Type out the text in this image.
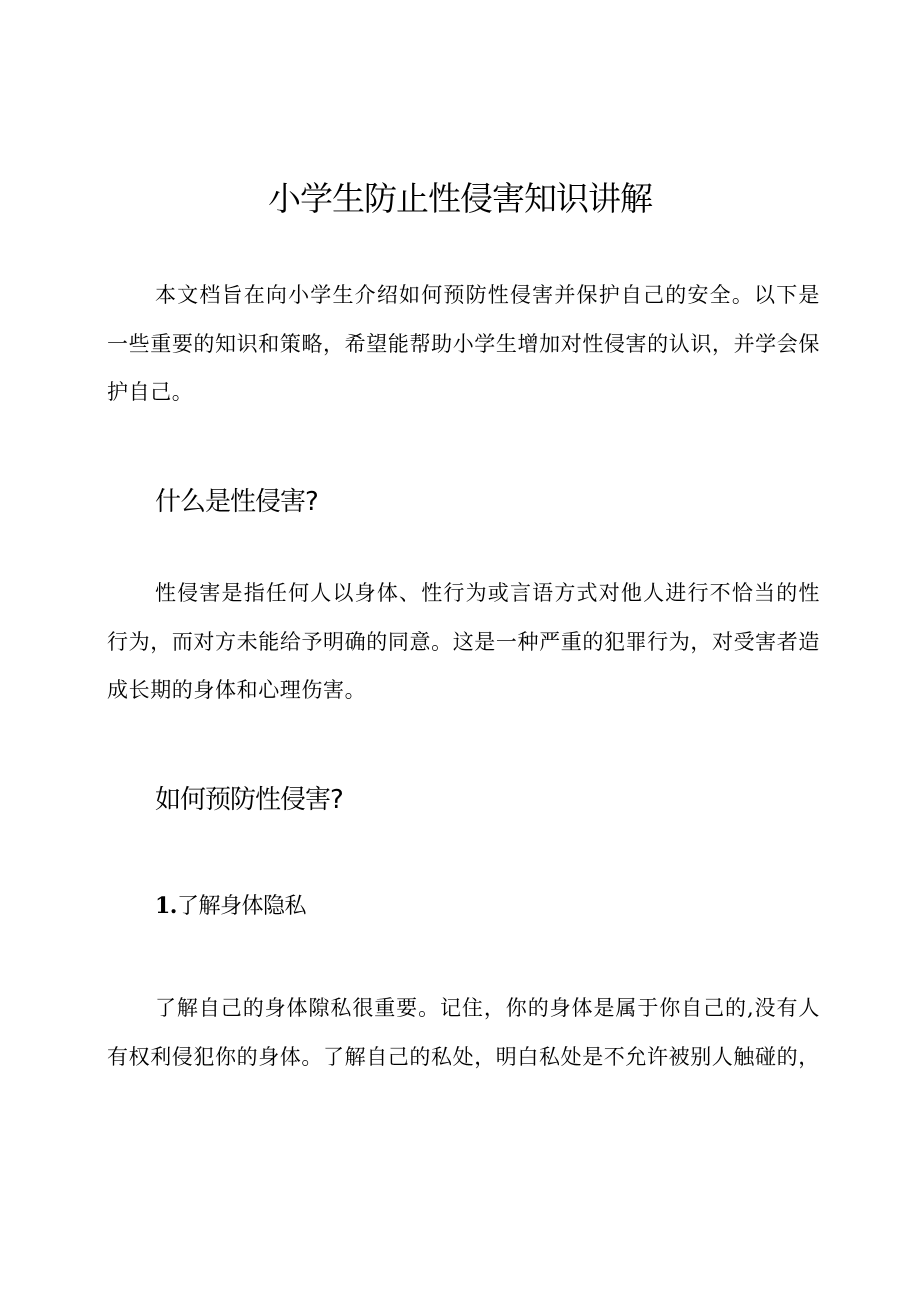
小学生防止性侵害知识讲解

本文档旨在向小学生介绍如何预防性侵害并保护自己的安全。以下是一些重要的知识和策略，希望能帮助小学生增加对性侵害的认识，并学会保护自己。

什么是性侵害?

性侵害是指任何人以身体、性行为或言语方式对他人进行不恰当的性行为，而对方未能给予明确的同意。这是一种严重的犯罪行为，对受害者造成长期的身体和心理伤害。

如何预防性侵害?
1.了解身体隐私

了解自己的身体隙私很重要。记住，你的身体是属于你自己的,没有人有权利侵犯你的身体。了解自己的私处，明白私处是不允许被别人触碰的，
